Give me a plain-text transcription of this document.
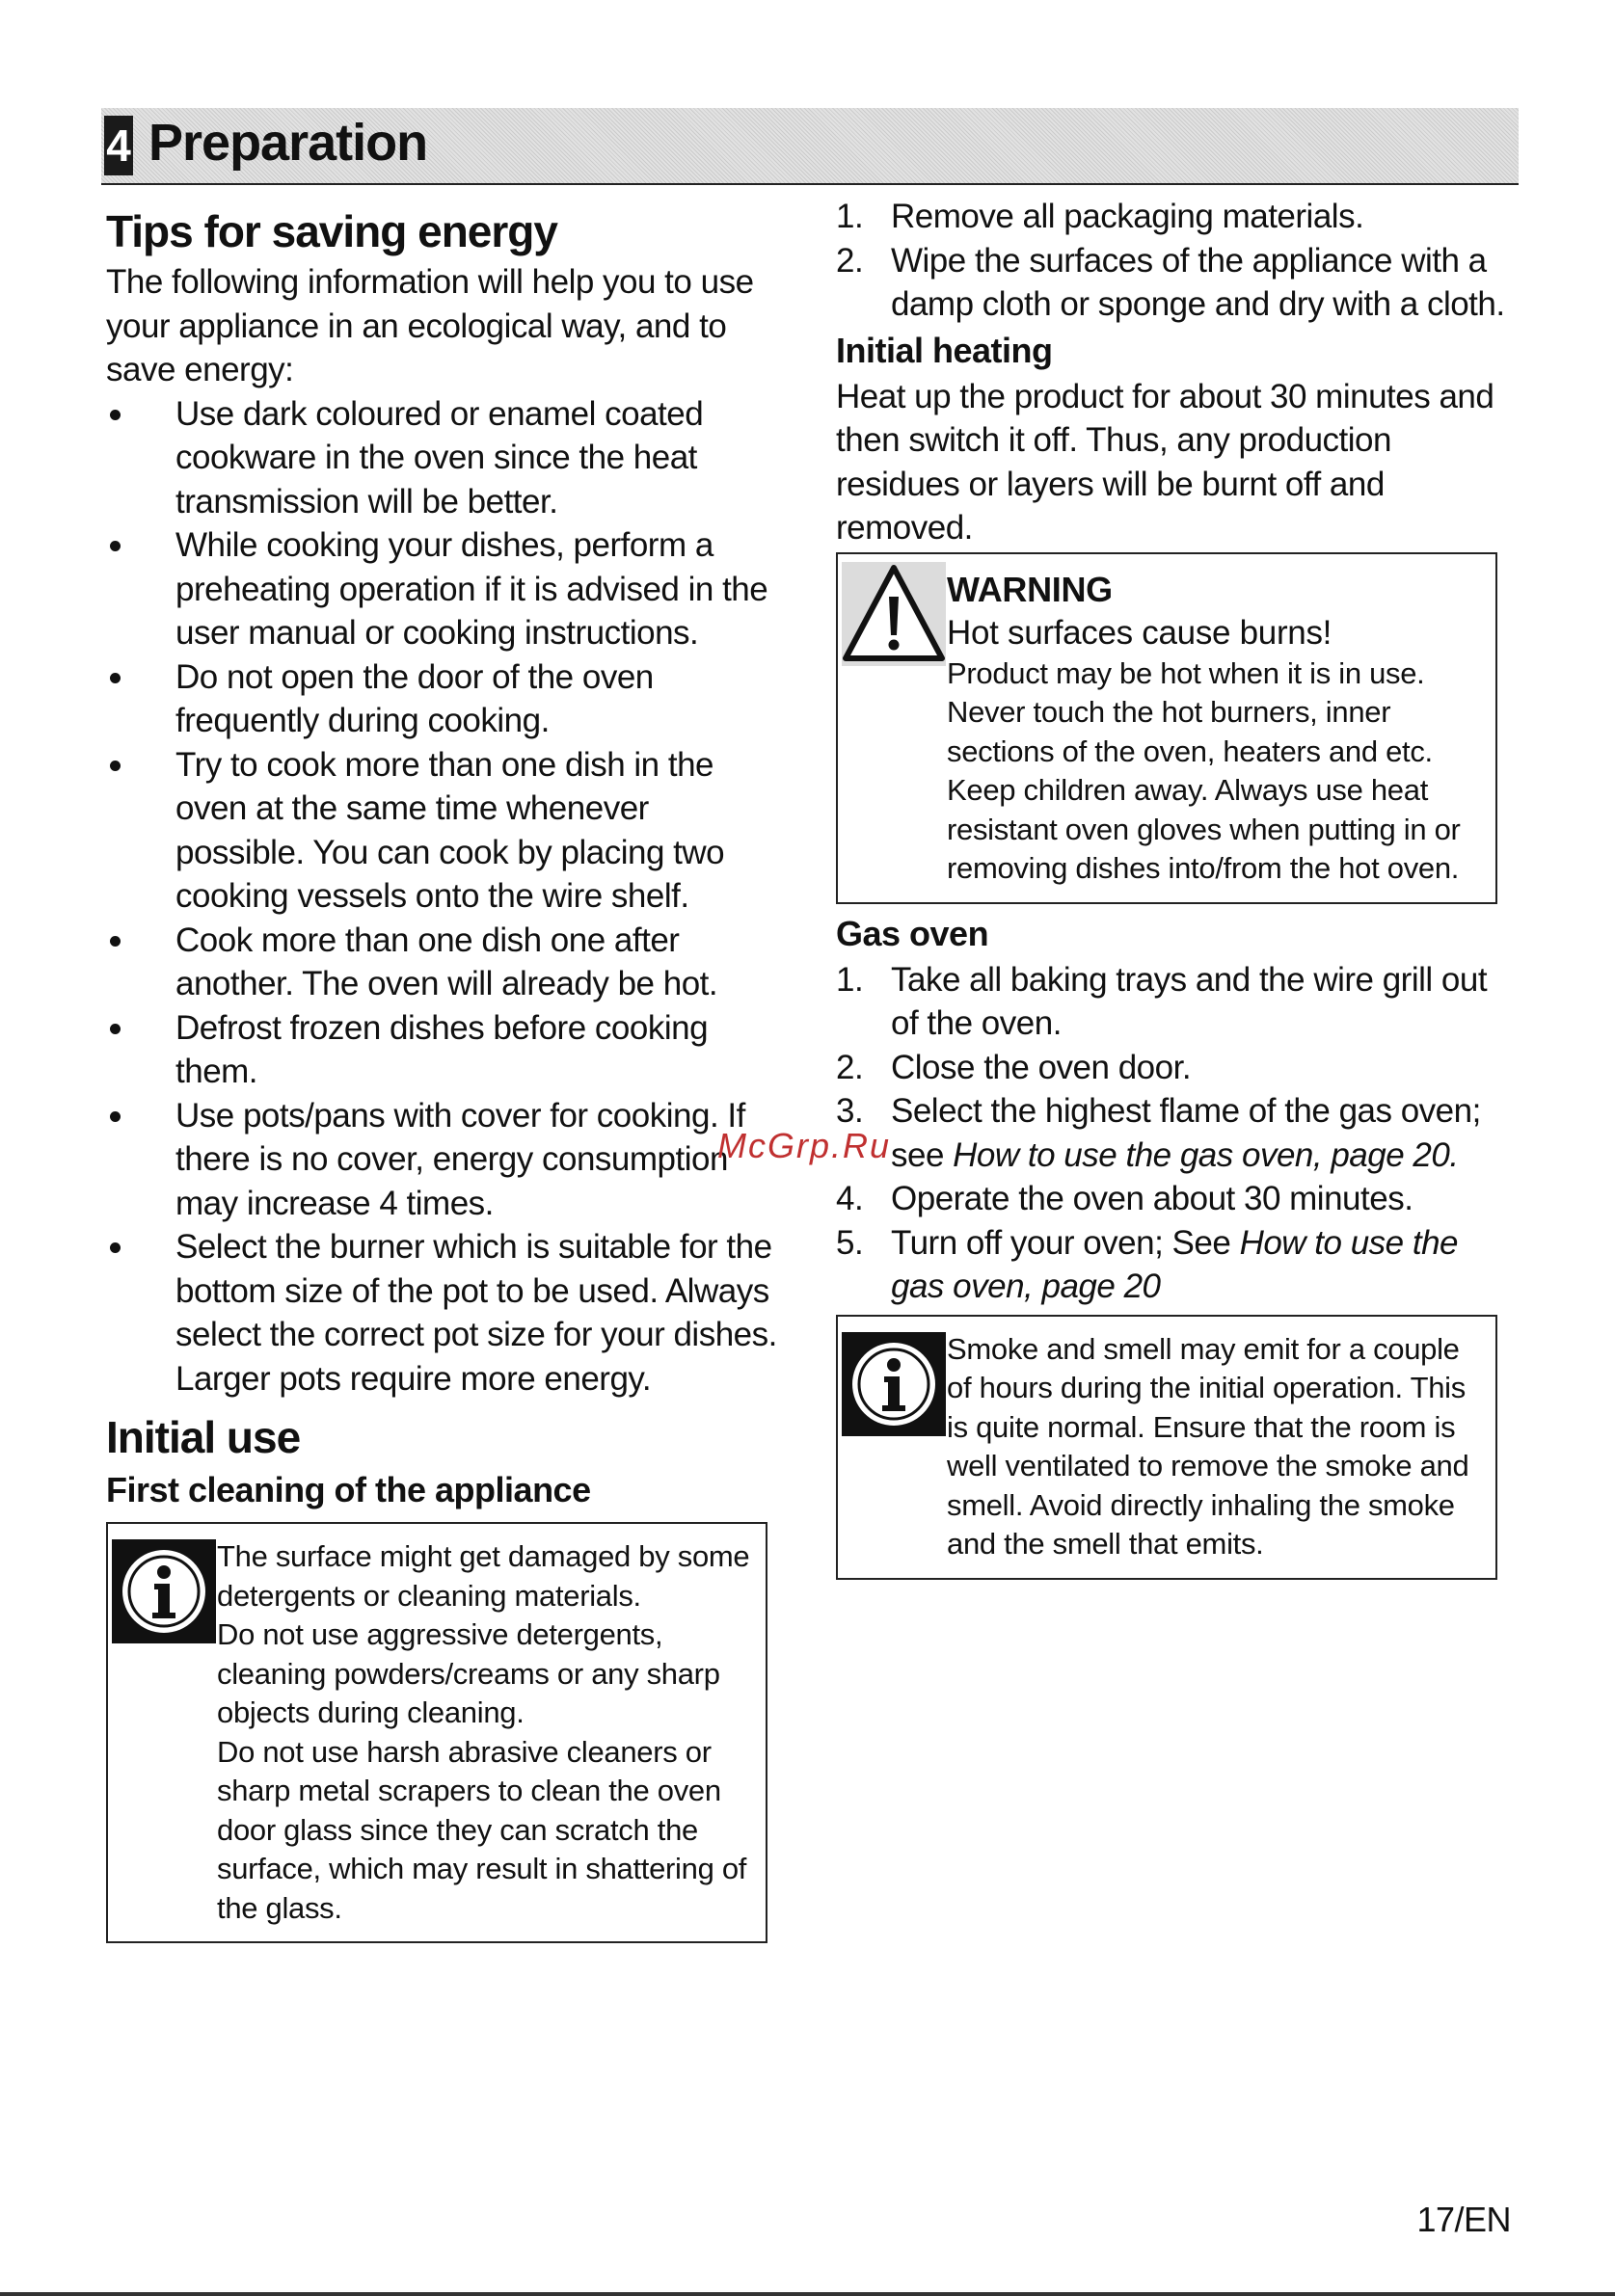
4 Preparation
Tips for saving energy

The following information will help you to use your appliance in an ecological way, and to save energy:

Use dark coloured or enamel coated cookware in the oven since the heat transmission will be better.
While cooking your dishes, perform a preheating operation if it is advised in the user manual or cooking instructions.
Do not open the door of the oven frequently during cooking.
Try to cook more than one dish in the oven at the same time whenever possible. You can cook by placing two cooking vessels onto the wire shelf.
Cook more than one dish one after another. The oven will already be hot.
Defrost frozen dishes before cooking them.
Use pots/pans with cover for cooking. If there is no cover, energy consumption may increase 4 times.
Select the burner which is suitable for the bottom size of the pot to be used. Always select the correct pot size for your dishes. Larger pots require more energy.
Initial use
First cleaning of the appliance

The surface might get damaged by some detergents or cleaning materials.

Do not use aggressive detergents, cleaning powders/creams or any sharp objects during cleaning.

Do not use harsh abrasive cleaners or sharp metal scrapers to clean the oven door glass since they can scratch the surface, which may result in shattering of the glass.

1. Remove all packaging materials.
2. Wipe the surfaces of the appliance with a damp cloth or sponge and dry with a cloth.
Initial heating

Heat up the product for about 30 minutes and then switch it off. Thus, any production residues or layers will be burnt off and removed.

WARNING
Hot surfaces cause burns!

Product may be hot when it is in use. Never touch the hot burners, inner sections of the oven, heaters and etc. Keep children away. Always use heat resistant oven gloves when putting in or removing dishes into/from the hot oven.

Gas oven
1. Take all baking trays and the wire grill out of the oven.
2. Close the oven door.
3. Select the highest flame of the gas oven; see How to use the gas oven, page 20.
4. Operate the oven about 30 minutes.
5. Turn off your oven; See How to use the gas oven, page 20

Smoke and smell may emit for a couple of hours during the initial operation. This is quite normal. Ensure that the room is well ventilated to remove the smoke and smell. Avoid directly inhaling the smoke and the smell that emits.

McGrp.Ru
17/EN
